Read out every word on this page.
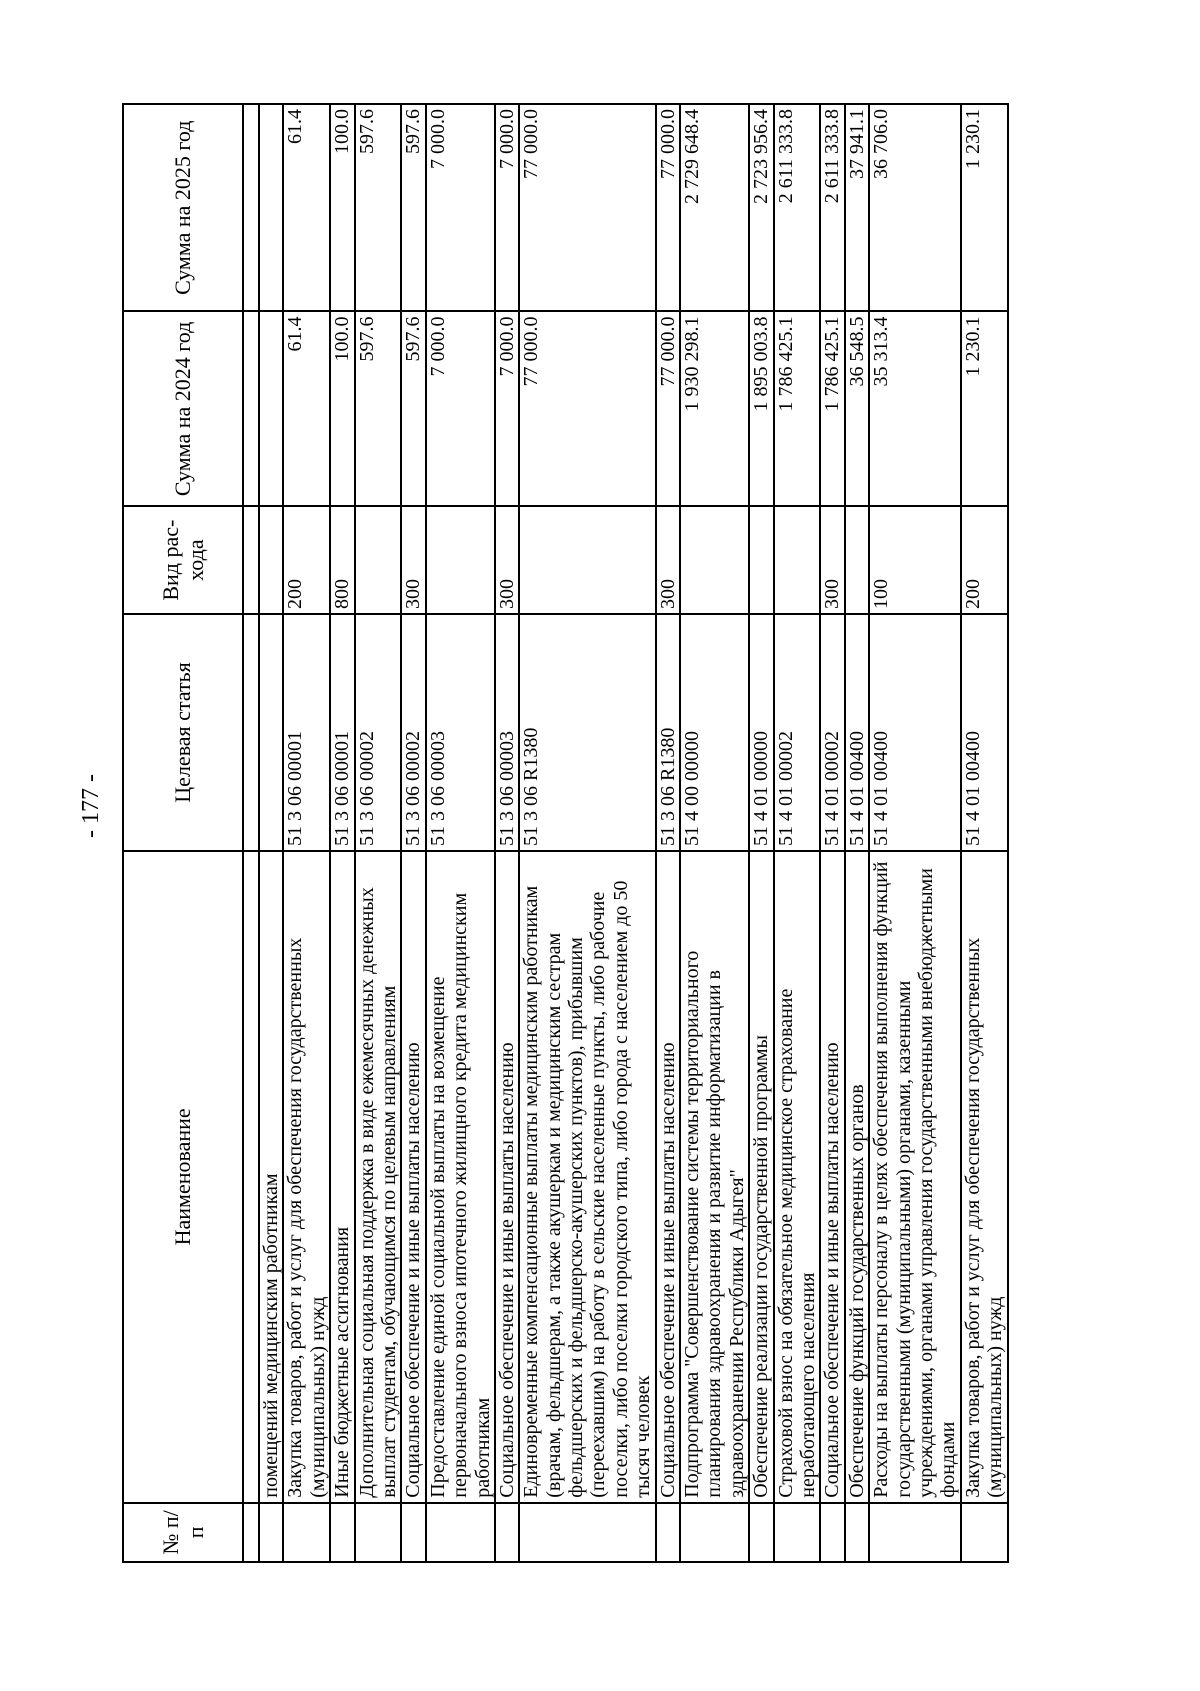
- 177 -
№ п/п	Наименование	Целевая статья	Вид рас- хода	Сумма на 2024 год	Сумма на 2025 год

	помещений медицинским работникам				
	Закупка товаров, работ и услуг для обеспечения государственных (муниципальных) нужд	51 3 06 00001	200	61.4	61.4
	Иные бюджетные ассигнования	51 3 06 00001	800	100.0	100.0
	Дополнительная социальная поддержка в виде ежемесячных денежных выплат студентам, обучающимся по целевым направлениям	51 3 06 00002		597.6	597.6
	Социальное обеспечение и иные выплаты населению	51 3 06 00002	300	597.6	597.6
	Предоставление единой социальной выплаты на возмещение первоначального взноса ипотечного жилищного кредита медицинским работникам	51 3 06 00003		7 000.0	7 000.0
	Социальное обеспечение и иные выплаты населению	51 3 06 00003	300	7 000.0	7 000.0
	Единовременные компенсационные выплаты медицинским работникам (врачам, фельдшерам, а также акушеркам и медицинским сестрам фельдшерских и фельдшерско-акушерских пунктов), прибывшим (переехавшим) на работу в сельские населенные пункты, либо рабочие поселки, либо поселки городского типа, либо города с населением до 50 тысяч человек	51 3 06 R1380		77 000.0	77 000.0
	Социальное обеспечение и иные выплаты населению	51 3 06 R1380	300	77 000.0	77 000.0
	Подпрограмма "Совершенствование системы территориального планирования здравоохранения и развитие информатизации в здравоохранении Республики Адыгея"	51 4 00 00000		1 930 298.1	2 729 648.4
	Обеспечение реализации государственной программы	51 4 01 00000		1 895 003.8	2 723 956.4
	Страховой взнос на обязательное медицинское страхование неработающего населения	51 4 01 00002		1 786 425.1	2 611 333.8
	Социальное обеспечение и иные выплаты населению	51 4 01 00002	300	1 786 425.1	2 611 333.8
	Обеспечение функций государственных органов	51 4 01 00400		36 548.5	37 941.1
	Расходы на выплаты персоналу в целях обеспечения выполнения функций государственными (муниципальными) органами, казенными учреждениями, органами управления государственными внебюджетными фондами	51 4 01 00400	100	35 313.4	36 706.0
	Закупка товаров, работ и услуг для обеспечения государственных (муниципальных) нужд	51 4 01 00400	200	1 230.1	1 230.1
